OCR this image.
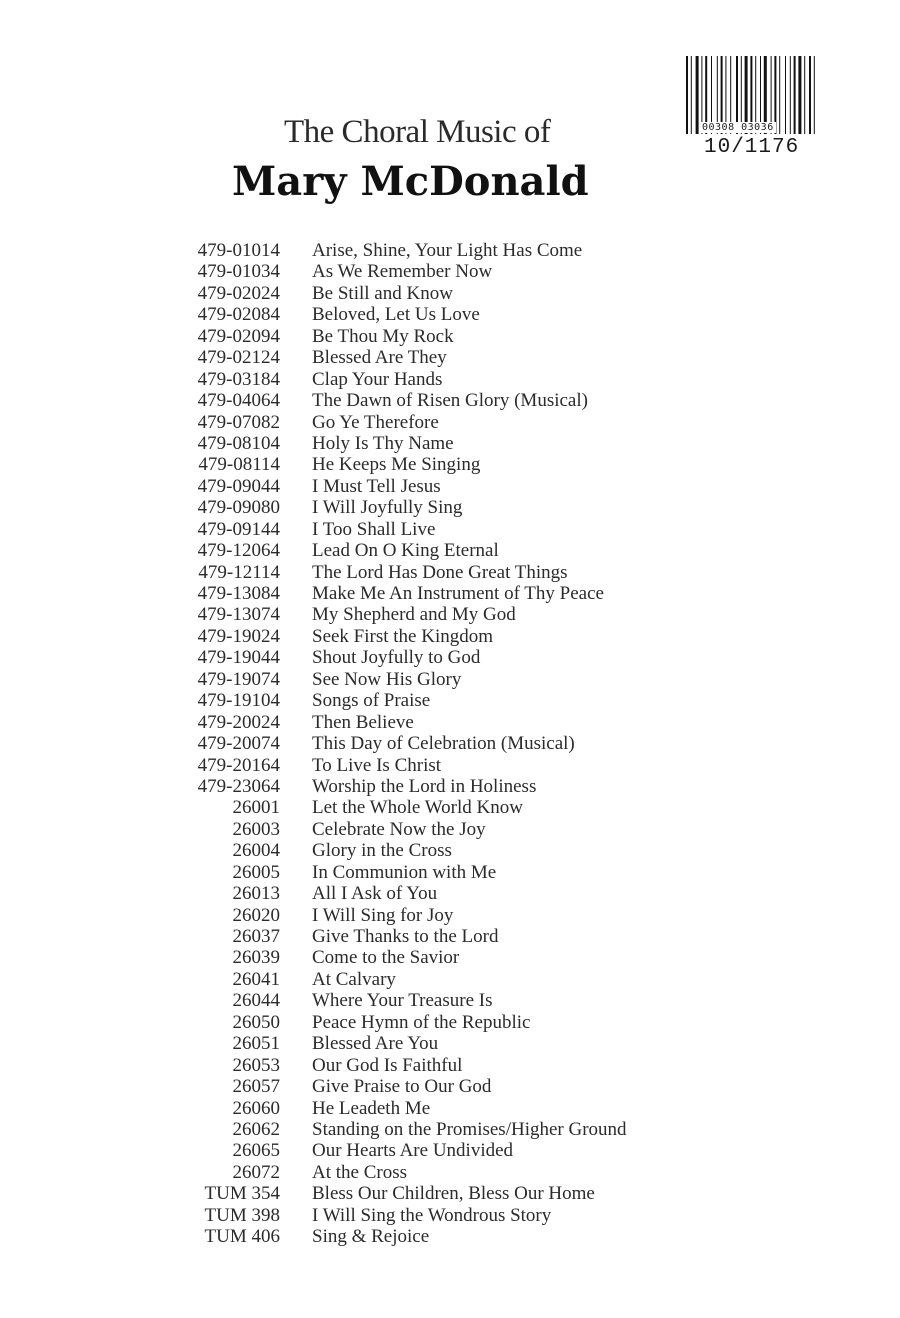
00308 03036
10/1176
The Choral Music of
Mary McDonald
479-01014 Arise, Shine, Your Light Has Come
479-01034 As We Remember Now
479-02024 Be Still and Know
479-02084 Beloved, Let Us Love
479-02094 Be Thou My Rock
479-02124 Blessed Are They
479-03184 Clap Your Hands
479-04064 The Dawn of Risen Glory (Musical)
479-07082 Go Ye Therefore
479-08104 Holy Is Thy Name
479-08114 He Keeps Me Singing
479-09044 I Must Tell Jesus
479-09080 I Will Joyfully Sing
479-09144 I Too Shall Live
479-12064 Lead On O King Eternal
479-12114 The Lord Has Done Great Things
479-13084 Make Me An Instrument of Thy Peace
479-13074 My Shepherd and My God
479-19024 Seek First the Kingdom
479-19044 Shout Joyfully to God
479-19074 See Now His Glory
479-19104 Songs of Praise
479-20024 Then Believe
479-20074 This Day of Celebration (Musical)
479-20164 To Live Is Christ
479-23064 Worship the Lord in Holiness
26001 Let the Whole World Know
26003 Celebrate Now the Joy
26004 Glory in the Cross
26005 In Communion with Me
26013 All I Ask of You
26020 I Will Sing for Joy
26037 Give Thanks to the Lord
26039 Come to the Savior
26041 At Calvary
26044 Where Your Treasure Is
26050 Peace Hymn of the Republic
26051 Blessed Are You
26053 Our God Is Faithful
26057 Give Praise to Our God
26060 He Leadeth Me
26062 Standing on the Promises/Higher Ground
26065 Our Hearts Are Undivided
26072 At the Cross
TUM 354 Bless Our Children, Bless Our Home
TUM 398 I Will Sing the Wondrous Story
TUM 406 Sing & Rejoice
